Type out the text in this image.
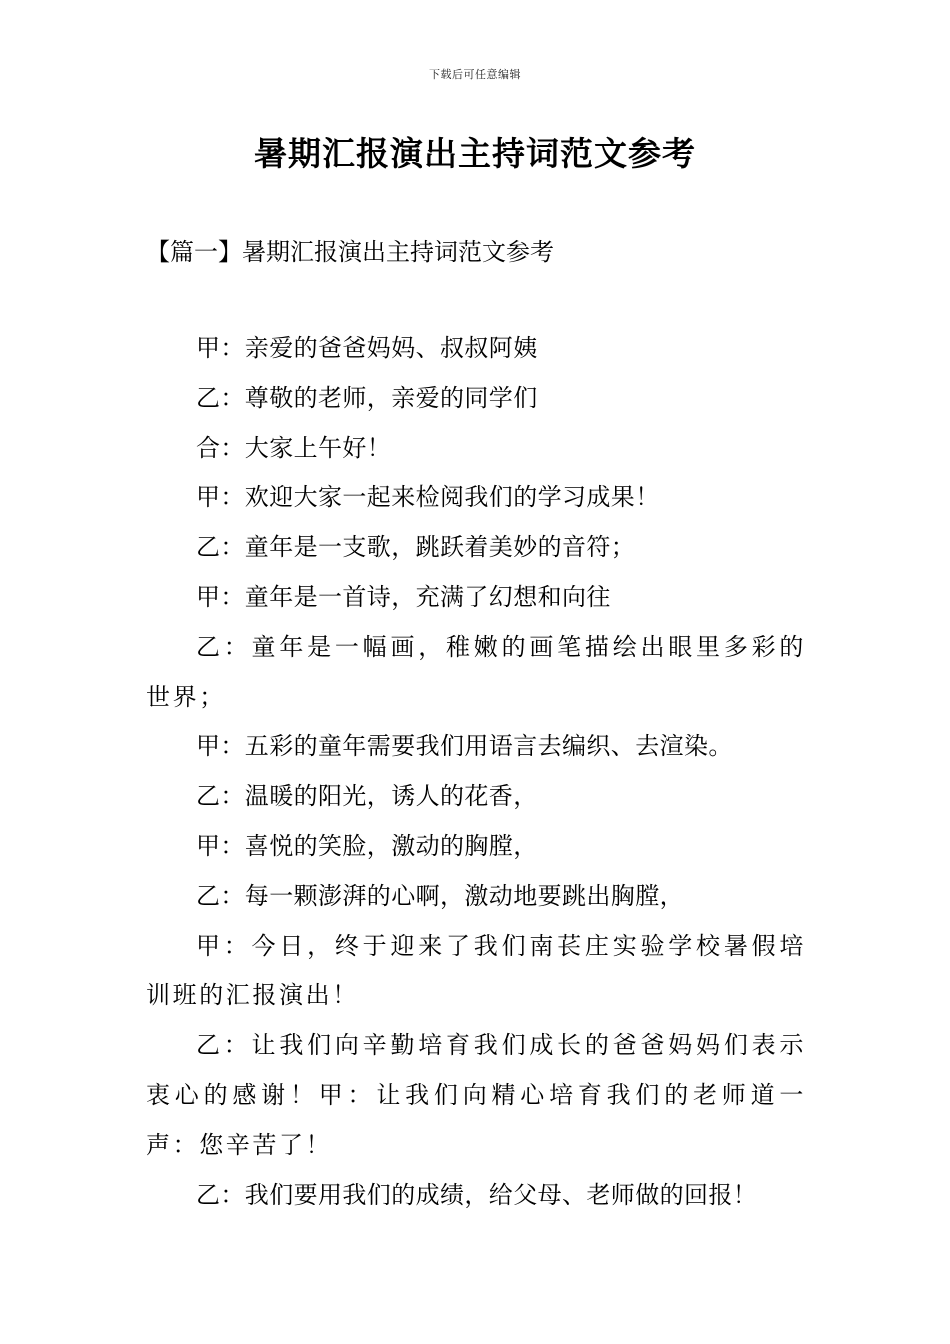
下载后可任意编辑
暑期汇报演出主持词范文参考
【篇一】暑期汇报演出主持词范文参考

甲：亲爱的爸爸妈妈、叔叔阿姨

乙：尊敬的老师，亲爱的同学们

合：大家上午好！

甲：欢迎大家一起来检阅我们的学习成果！

乙：童年是一支歌，跳跃着美妙的音符；

甲：童年是一首诗，充满了幻想和向往

乙：童年是一幅画，稚嫩的画笔描绘出眼里多彩的世界；

甲：五彩的童年需要我们用语言去编织、去渲染。

乙：温暖的阳光，诱人的花香，

甲：喜悦的笑脸，激动的胸膛，

乙：每一颗澎湃的心啊，激动地要跳出胸膛，

甲：今日，终于迎来了我们南苌庄实验学校暑假培训班的汇报演出！

乙：让我们向辛勤培育我们成长的爸爸妈妈们表示衷心的感谢！甲：让我们向精心培育我们的老师道一声：您辛苦了！

乙：我们要用我们的成绩，给父母、老师做的回报！
